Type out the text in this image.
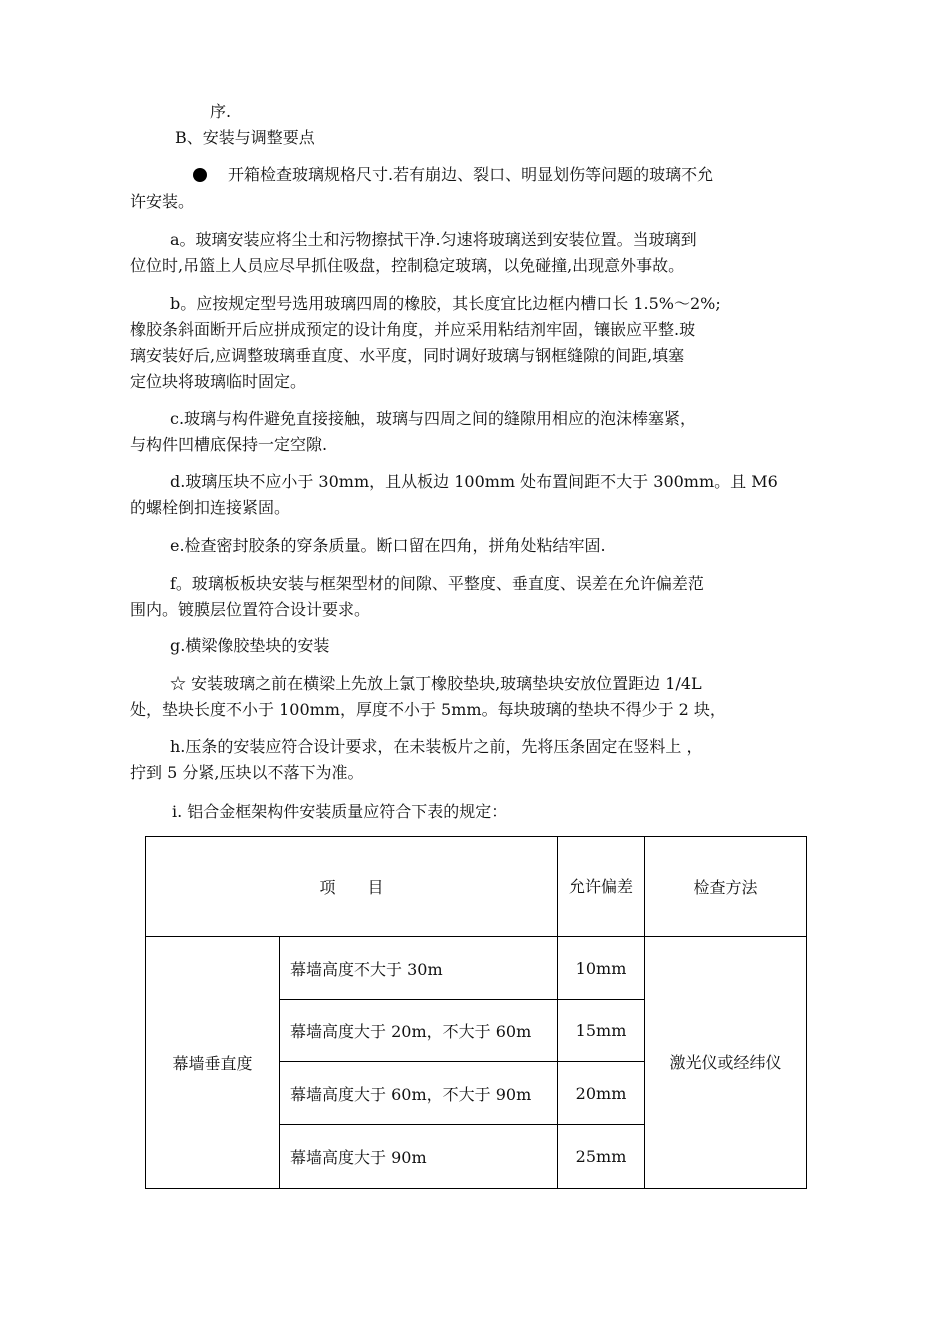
序.
B、安装与调整要点
开箱检查玻璃规格尺寸.若有崩边、裂口、明显划伤等问题的玻璃不允
许安装。
a。玻璃安装应将尘土和污物擦拭干净.匀速将玻璃送到安装位置。当玻璃到
位位时,吊篮上人员应尽早抓住吸盘，控制稳定玻璃，以免碰撞,出现意外事故。
b。应按规定型号选用玻璃四周的橡胶，其长度宜比边框内槽口长 1.5%～2%;
橡胶条斜面断开后应拼成预定的设计角度，并应采用粘结剂牢固，镶嵌应平整.玻
璃安装好后,应调整玻璃垂直度、水平度，同时调好玻璃与钢框缝隙的间距,填塞
定位块将玻璃临时固定。
c.玻璃与构件避免直接接触，玻璃与四周之间的缝隙用相应的泡沫棒塞紧，
与构件凹槽底保持一定空隙.
d.玻璃压块不应小于 30mm，且从板边 100mm 处布置间距不大于 300mm。且 M6
的螺栓倒扣连接紧固。
e.检查密封胶条的穿条质量。断口留在四角，拼角处粘结牢固.
f。玻璃板板块安装与框架型材的间隙、平整度、垂直度、误差在允许偏差范
围内。镀膜层位置符合设计要求。
g.横梁像胶垫块的安装
☆ 安装玻璃之前在横梁上先放上氯丁橡胶垫块,玻璃垫块安放位置距边 1/4L
处，垫块长度不小于 100mm，厚度不小于 5mm。每块玻璃的垫块不得少于 2 块，
h.压条的安装应符合设计要求，在未装板片之前，先将压条固定在竖料上 ，
拧到 5 分紧,压块以不落下为准。
i. 铝合金框架构件安装质量应符合下表的规定：
项　　目		允许偏差	检查方法
幕墙垂直度	幕墙高度不大于 30m	10mm	激光仪或经纬仪
	幕墙高度大于 20m，不大于 60m	15mm	
	幕墙高度大于 60m，不大于 90m	20mm	
	幕墙高度大于 90m	25mm	
